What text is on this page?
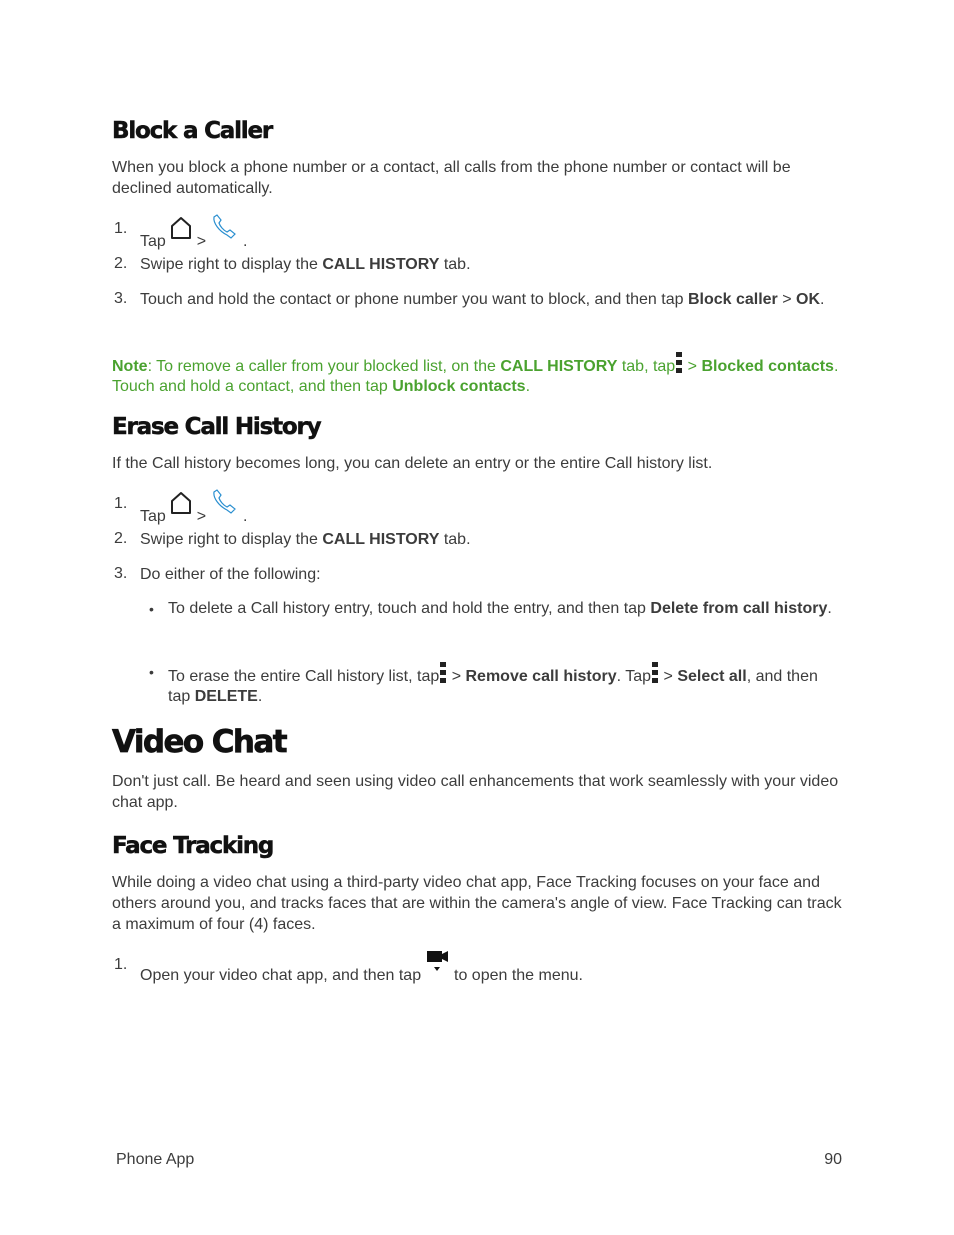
Block a Caller

When you block a phone number or a contact, all calls from the phone number or contact will be declined automatically.

1.
Tap > .
2. Swipe right to display the CALL HISTORY tab.
3. Touch and hold the contact or phone number you want to block, and then tap Block caller > OK.
Note: To remove a caller from your blocked list, on the CALL HISTORY tab, tap > Blocked contacts. Touch and hold a contact, and then tap Unblock contacts.
Erase Call History

If the Call history becomes long, you can delete an entry or the entire Call history list.

1.
Tap > .
2. Swipe right to display the CALL HISTORY tab.
3. Do either of the following:
• To delete a Call history entry, touch and hold the entry, and then tap Delete from call history.
• To erase the entire Call history list, tap > Remove call history. Tap > Select all, and then tap DELETE.
Video Chat

Don't just call. Be heard and seen using video call enhancements that work seamlessly with your video chat app.

Face Tracking

While doing a video chat using a third-party video chat app, Face Tracking focuses on your face and others around you, and tracks faces that are within the camera's angle of view. Face Tracking can track a maximum of four (4) faces.

1.
Open your video chat app, and then tap to open the menu.
Phone App	90
